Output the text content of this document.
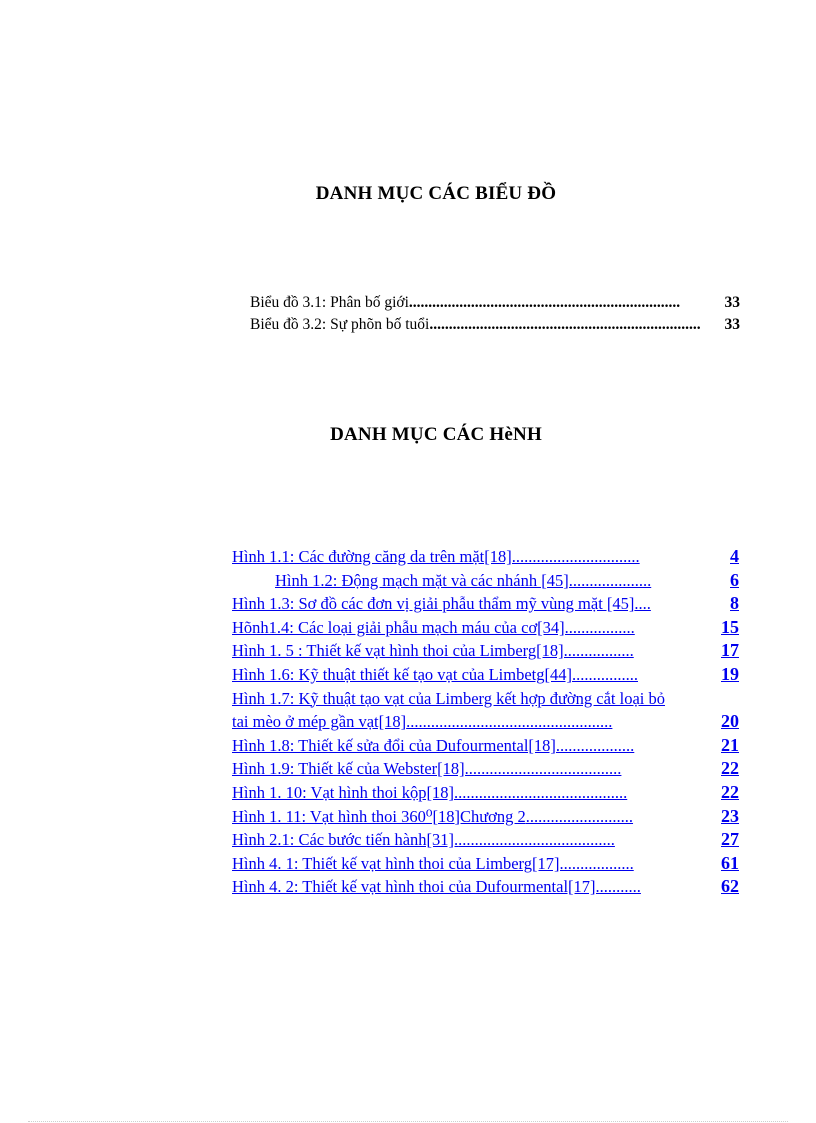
DANH MỤC CÁC BIỂU ĐỒ
Biểu đồ 3.1: Phân bố giới ......................................................................	33
Biểu đồ 3.2: Sự phõn bố tuổi ......................................................................	33
DANH MỤC CÁC HèNH
Hình 1.1: Các đường căng da trên mặt[18] ...............................	4
Hình 1.2: Động mạch mặt và các nhánh [45] ....................	6
Hình 1.3: Sơ đồ các đơn vị giải phẫu thẩm mỹ vùng mặt [45] ....	8
Hõnh1.4: Các loại giải phẫu mạch máu của cơ[34] .................	15
Hình 1. 5 : Thiết kế vạt hình thoi của Limberg[18] .................	17
Hình 1.6: Kỹ thuật thiết kế tạo vạt của Limbetg[44] ................	19
Hình 1.7: Kỹ thuật tạo vạt của Limberg kết hợp đường cắt loại bỏ
tai mèo ở mép gần vạt[18] ..................................................	20
Hình 1.8: Thiết kế sửa đổi của Dufourmental[18] ...................	21
Hình 1.9: Thiết kế của Webster[18] ......................................	22
Hình 1. 10: Vạt hình thoi kộp[18] ..........................................	22
Hình 1. 11: Vạt hình thoi 360⁰[18]Chương 2 ..........................	23
Hình 2.1: Các bước tiến hành[31]. ......................................	27
Hình 4. 1: Thiết kế vạt hình thoi của Limberg[17] ..................	61
Hình 4. 2: Thiết kế vạt hình thoi của Dufourmental[17] ...........	62
